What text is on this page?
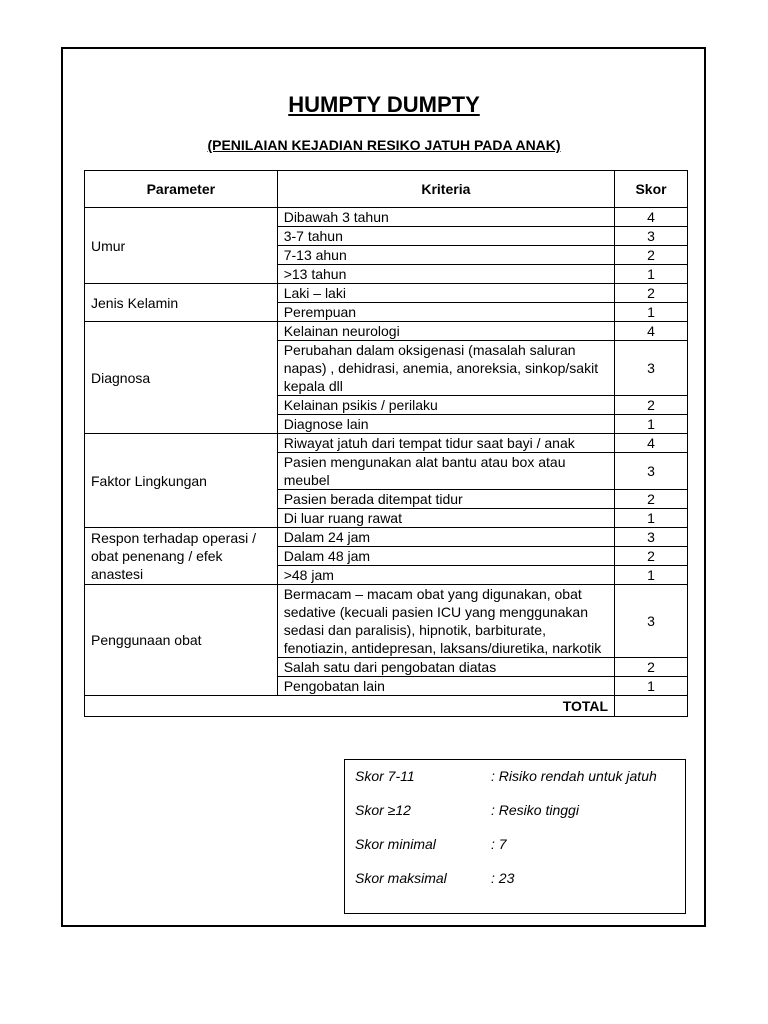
HUMPTY DUMPTY
(PENILAIAN KEJADIAN RESIKO JATUH PADA ANAK)
Parameter	Kriteria	Skor
Umur	Dibawah 3 tahun	4
	3-7 tahun	3
	7-13 ahun	2
	>13 tahun	1
Jenis Kelamin	Laki – laki	2
	Perempuan	1
Diagnosa	Kelainan neurologi	4
	Perubahan dalam oksigenasi (masalah saluran napas) , dehidrasi, anemia, anoreksia, sinkop/sakit kepala dll	3
	Kelainan psikis / perilaku	2
	Diagnose lain	1
Faktor Lingkungan	Riwayat jatuh dari tempat tidur saat bayi / anak	4
	Pasien mengunakan alat bantu atau box atau meubel	3
	Pasien berada ditempat tidur	2
	Di luar ruang rawat	1
Respon terhadap operasi / obat penenang / efek anastesi	Dalam 24 jam	3
	Dalam 48 jam	2
	>48 jam	1
Penggunaan obat	Bermacam – macam obat yang digunakan, obat sedative (kecuali pasien ICU yang menggunakan sedasi dan paralisis), hipnotik, barbiturate, fenotiazin, antidepresan, laksans/diuretika, narkotik	3
	Salah satu dari pengobatan diatas	2
	Pengobatan lain	1
TOTAL		
Skor 7-11	: Risiko rendah untuk jatuh
Skor ≥12	: Resiko tinggi
Skor minimal	: 7
Skor maksimal	: 23
